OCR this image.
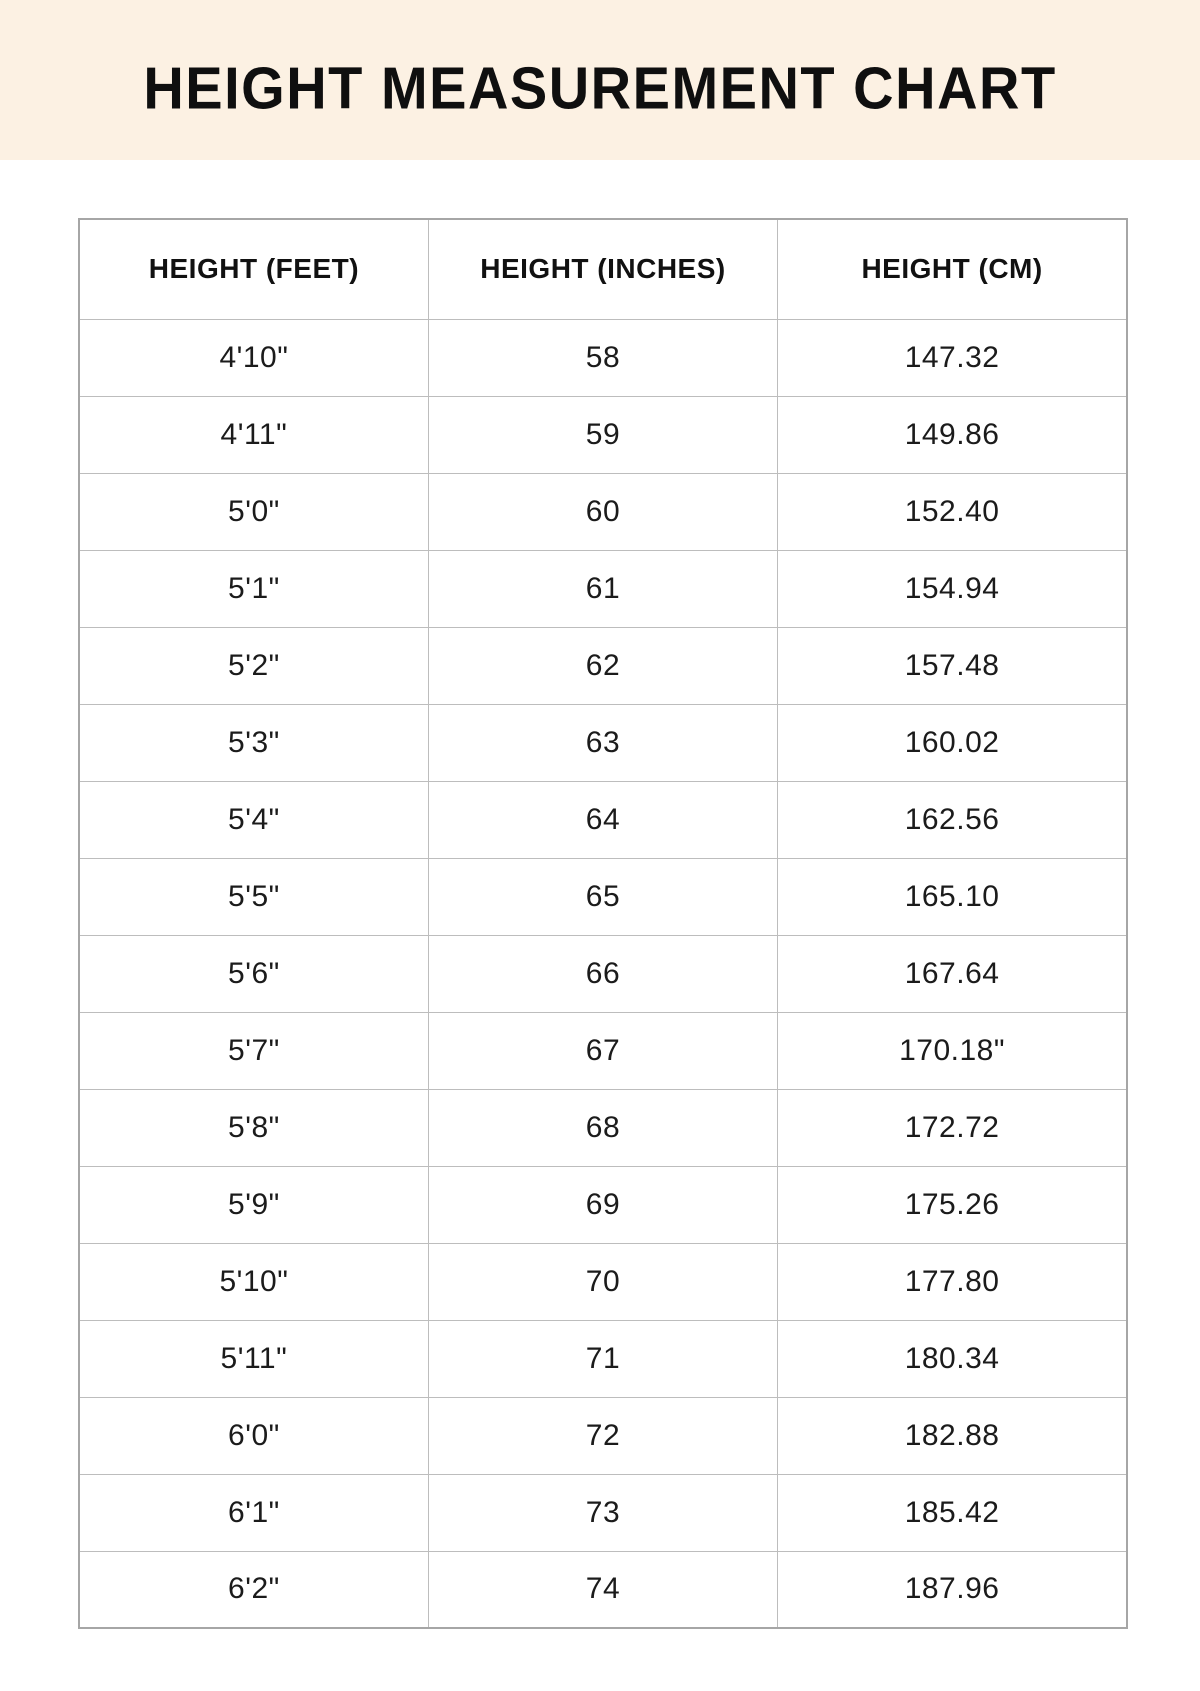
HEIGHT MEASUREMENT CHART
HEIGHT (FEET)	HEIGHT (INCHES)	HEIGHT (CM)
4'10"	58	147.32
4'11"	59	149.86
5'0"	60	152.40
5'1"	61	154.94
5'2"	62	157.48
5'3"	63	160.02
5'4"	64	162.56
5'5"	65	165.10
5'6"	66	167.64
5'7"	67	170.18"
5'8"	68	172.72
5'9"	69	175.26
5'10"	70	177.80
5'11"	71	180.34
6'0"	72	182.88
6'1"	73	185.42
6'2"	74	187.96
